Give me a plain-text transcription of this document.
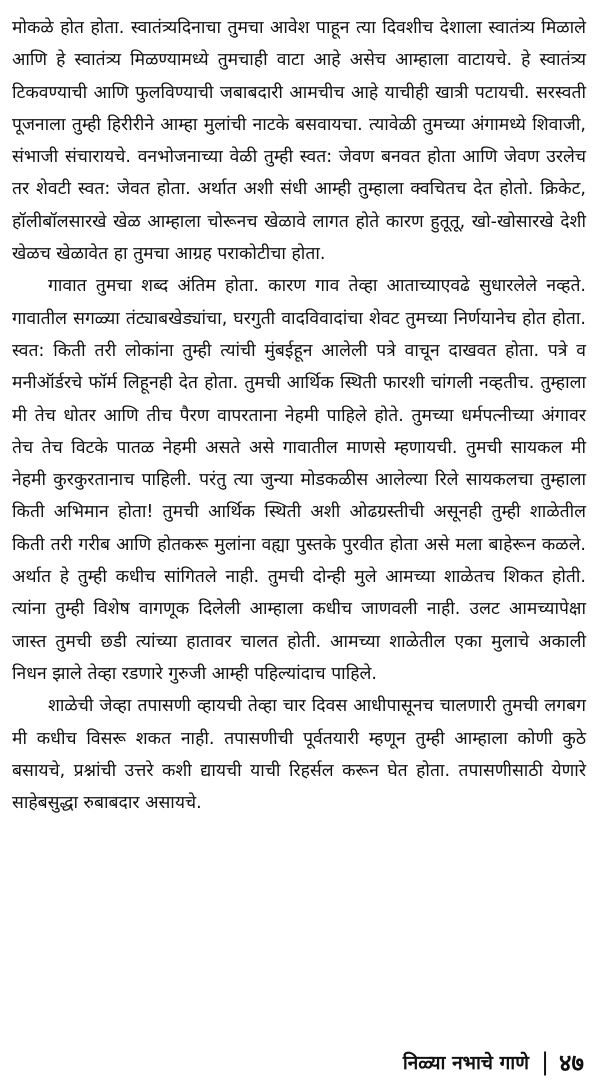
मोकळे होत होता. स्वातंत्र्यदिनाचा तुमचा आवेश पाहून त्या दिवशीच देशाला स्वातंत्र्य मिळाले आणि हे स्वातंत्र्य मिळण्यामध्ये तुमचाही वाटा आहे असेच आम्हाला वाटायचे. हे स्वातंत्र्य टिकवण्याची आणि फुलविण्याची जबाबदारी आमचीच आहे याचीही खात्री पटायची. सरस्वती पूजनाला तुम्ही हिरीरीने आम्हा मुलांची नाटके बसवायचा. त्यावेळी तुमच्या अंगामध्ये शिवाजी, संभाजी संचारायचे. वनभोजनाच्या वेळी तुम्ही स्वत: जेवण बनवत होता आणि जेवण उरलेच तर शेवटी स्वत: जेवत होता. अर्थात अशी संधी आम्ही तुम्हाला क्वचितच देत होतो. क्रिकेट, हॉलीबॉलसारखे खेळ आम्हाला चोरूनच खेळावे लागत होते कारण हुतूतू, खो-खोसारखे देशी खेळच खेळावेत हा तुमचा आग्रह पराकोटीचा होता.

गावात तुमचा शब्द अंतिम होता. कारण गाव तेव्हा आताच्याएवढे सुधारलेले नव्हते. गावातील सगळ्या तंट्याबखेड्यांचा, घरगुती वादविवादांचा शेवट तुमच्या निर्णयानेच होत होता. स्वत: किती तरी लोकांना तुम्ही त्यांची मुंबईहून आलेली पत्रे वाचून दाखवत होता. पत्रे व मनीऑर्डरचे फॉर्म लिहूनही देत होता. तुमची आर्थिक स्थिती फारशी चांगली नव्हतीच. तुम्हाला मी तेच धोतर आणि तीच पैरण वापरताना नेहमी पाहिले होते. तुमच्या धर्मपत्नीच्या अंगावर तेच तेच विटके पातळ नेहमी असते असे गावातील माणसे म्हणायची. तुमची सायकल मी नेहमी कुरकुरतानाच पाहिली. परंतु त्या जुन्या मोडकळीस आलेल्या रिले सायकलचा तुम्हाला किती अभिमान होता! तुमची आर्थिक स्थिती अशी ओढग्रस्तीची असूनही तुम्ही शाळेतील किती तरी गरीब आणि होतकरू मुलांना वह्या पुस्तके पुरवीत होता असे मला बाहेरून कळले. अर्थात हे तुम्ही कधीच सांगितले नाही. तुमची दोन्ही मुले आमच्या शाळेतच शिकत होती. त्यांना तुम्ही विशेष वागणूक दिलेली आम्हाला कधीच जाणवली नाही. उलट आमच्यापेक्षा जास्त तुमची छडी त्यांच्या हातावर चालत होती. आमच्या शाळेतील एका मुलाचे अकाली निधन झाले तेव्हा रडणारे गुरुजी आम्ही पहिल्यांदाच पाहिले.

शाळेची जेव्हा तपासणी व्हायची तेव्हा चार दिवस आधीपासूनच चालणारी तुमची लगबग मी कधीच विसरू शकत नाही. तपासणीची पूर्वतयारी म्हणून तुम्ही आम्हाला कोणी कुठे बसायचे, प्रश्नांची उत्तरे कशी द्यायची याची रिहर्सल करून घेत होता. तपासणीसाठी येणारे साहेबसुद्धा रुबाबदार असायचे.

निळ्या नभाचे गाणे | ४७
